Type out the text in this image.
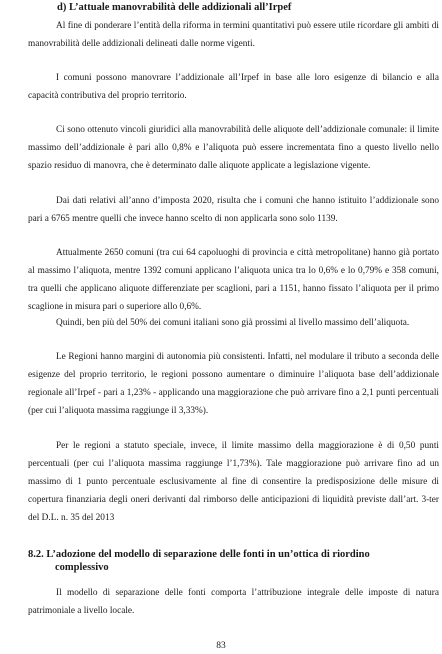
d) L’attuale manovrabilità delle addizionali all’Irpef

Al fine di ponderare l’entità della riforma in termini quantitativi può essere utile ricordare gli ambiti di manovrabilità delle addizionali delineati dalle norme vigenti.

I comuni possono manovrare l’addizionale all’Irpef in base alle loro esigenze di bilancio e alla capacità contributiva del proprio territorio.

Ci sono ottenuto vincoli giuridici alla manovrabilità delle aliquote dell’addizionale comunale: il limite massimo dell’addizionale è pari allo 0,8% e l’aliquota può essere incrementata fino a questo livello nello spazio residuo di manovra, che è determinato dalle aliquote applicate a legislazione vigente.

Dai dati relativi all’anno d’imposta 2020, risulta che i comuni che hanno istituito l’addizionale sono pari a 6765 mentre quelli che invece hanno scelto di non applicarla sono solo 1139.

Attualmente 2650 comuni (tra cui 64 capoluoghi di provincia e città metropolitane) hanno già portato al massimo l’aliquota, mentre 1392 comuni applicano l’aliquota unica tra lo 0,6% e lo 0,79% e 358 comuni, tra quelli che applicano aliquote differenziate per scaglioni, pari a 1151, hanno fissato l’aliquota per il primo scaglione in misura pari o superiore allo 0,6%.

Quindi, ben più del 50% dei comuni italiani sono già prossimi al livello massimo dell’aliquota.

Le Regioni hanno margini di autonomia più consistenti. Infatti, nel modulare il tributo a seconda delle esigenze del proprio territorio, le regioni possono aumentare o diminuire l’aliquota base dell’addizionale regionale all’Irpef - pari a 1,23% - applicando una maggiorazione che può arrivare fino a 2,1 punti percentuali (per cui l’aliquota massima raggiunge il 3,33%).

Per le regioni a statuto speciale, invece, il limite massimo della maggiorazione è di 0,50 punti percentuali (per cui l’aliquota massima raggiunge l’1,73%). Tale maggiorazione può arrivare fino ad un massimo di 1 punto percentuale esclusivamente al fine di consentire la predisposizione delle misure di copertura finanziaria degli oneri derivanti dal rimborso delle anticipazioni di liquidità previste dall’art. 3-ter del D.L. n. 35 del 2013

8.2. L’adozione del modello di separazione delle fonti in un’ottica di riordino
complessivo

Il modello di separazione delle fonti comporta l’attribuzione integrale delle imposte di natura patrimoniale a livello locale.

83
